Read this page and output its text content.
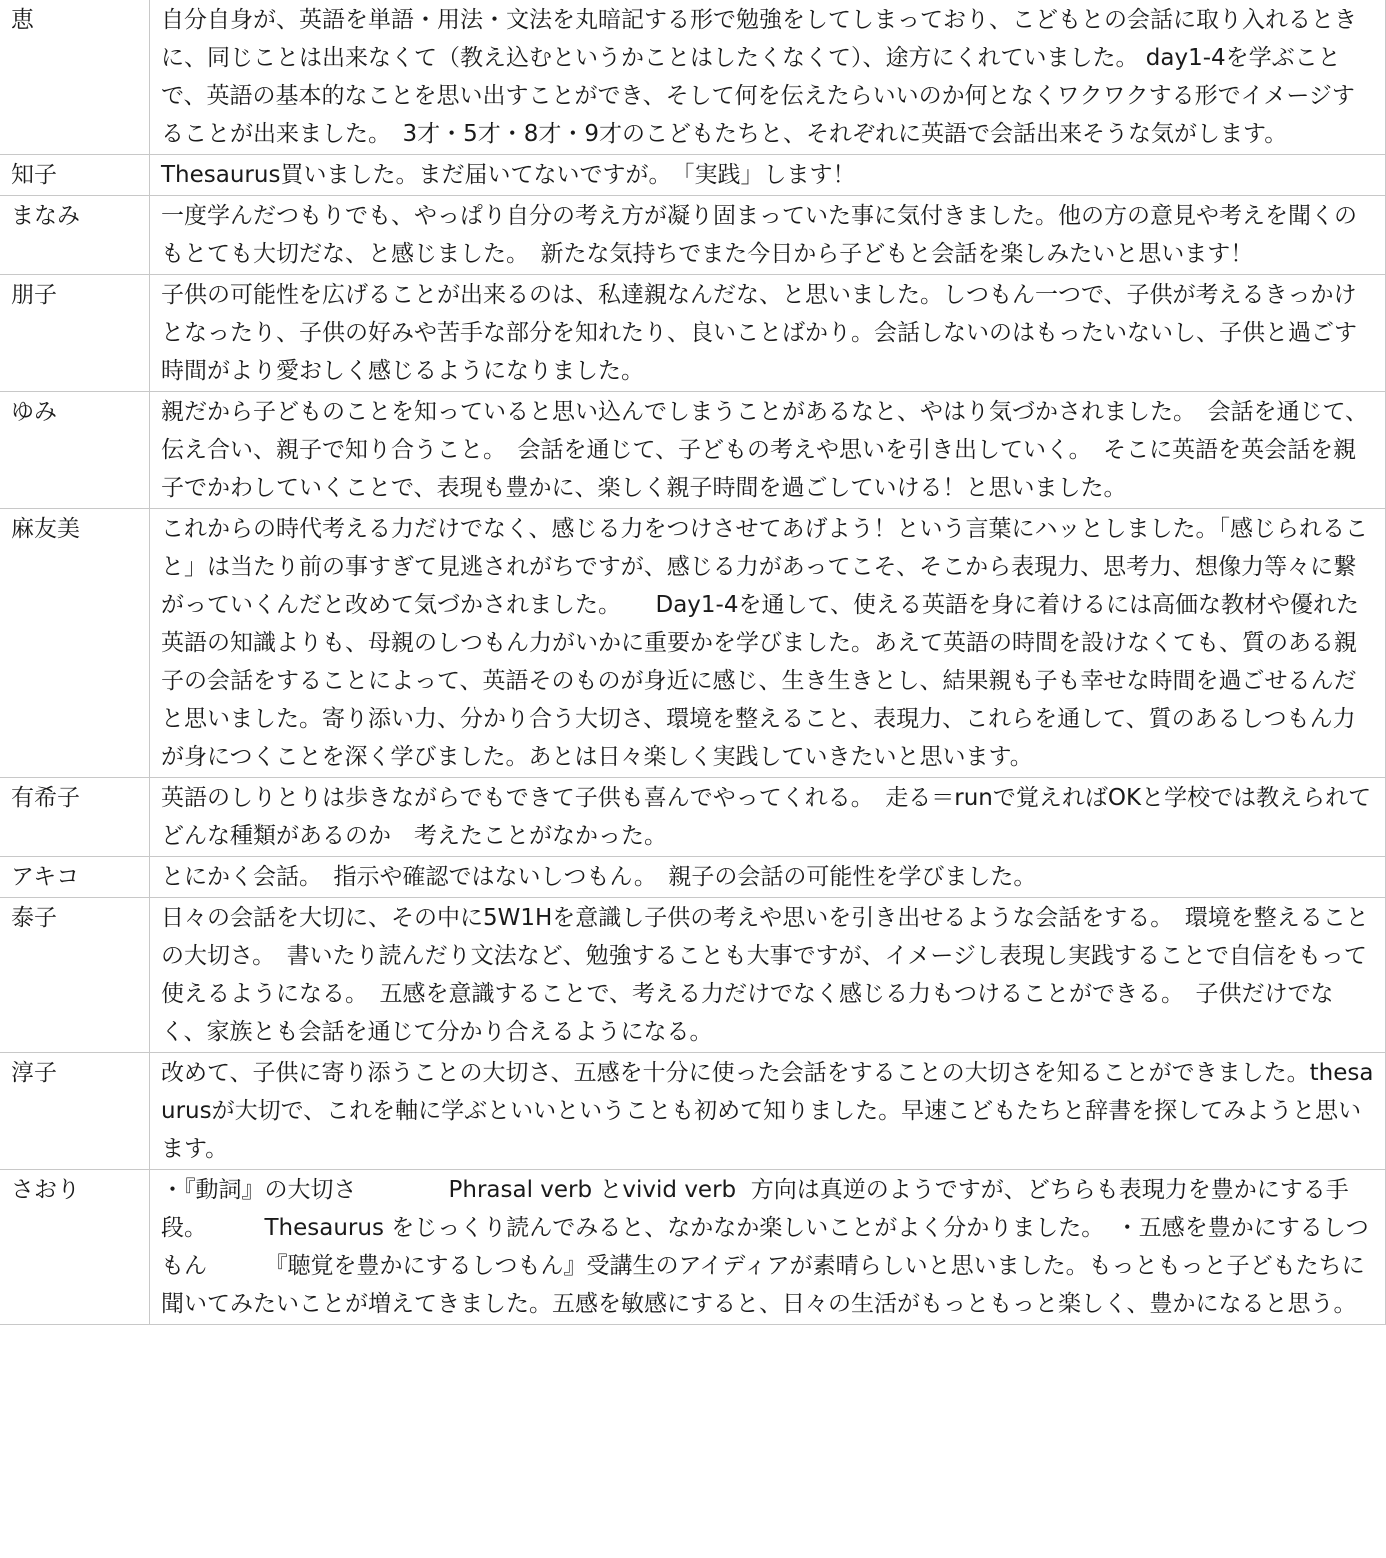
恵	自分自身が、英語を単語・用法・文法を丸暗記する形で勉強をしてしまっており、こどもとの会話に取り入れるときに、同じことは出来なくて（教え込むというかことはしたくなくて）、途方にくれていました。 day1-4を学ぶことで、英語の基本的なことを思い出すことができ、そして何を伝えたらいいのか何となくワクワクする形でイメージすることが出来ました。　3才・5才・8才・9才のこどもたちと、それぞれに英語で会話出来そうな気がします。
知子	Thesaurus買いました。まだ届いてないですが。　「実践」します！
まなみ	一度学んだつもりでも、やっぱり自分の考え方が凝り固まっていた事に気付きました。他の方の意見や考えを聞くのもとても大切だな、と感じました。　新たな気持ちでまた今日から子どもと会話を楽しみたいと思います！
朋子	子供の可能性を広げることが出来るのは、私達親なんだな、と思いました。しつもん一つで、子供が考えるきっかけとなったり、子供の好みや苦手な部分を知れたり、良いことばかり。会話しないのはもったいないし、子供と過ごす時間がより愛おしく感じるようになりました。
ゆみ	親だから子どものことを知っていると思い込んでしまうことがあるなと、やはり気づかされました。　会話を通じて、伝え合い、親子で知り合うこと。　会話を通じて、子どもの考えや思いを引き出していく。　そこに英語を英会話を親子でかわしていくことで、表現も豊かに、楽しく親子時間を過ごしていける！と思いました。
麻友美	これからの時代考える力だけでなく、感じる力をつけさせてあげよう！という言葉にハッとしました。「感じられること」は当たり前の事すぎて見逃されがちですが、感じる力があってこそ、そこから表現力、思考力、想像力等々に繋がっていくんだと改めて気づかされました。　　Day1-4を通して、使える英語を身に着けるには高価な教材や優れた英語の知識よりも、母親のしつもん力がいかに重要かを学びました。あえて英語の時間を設けなくても、質のある親子の会話をすることによって、英語そのものが身近に感じ、生き生きとし、結果親も子も幸せな時間を過ごせるんだと思いました。寄り添い力、分かり合う大切さ、環境を整えること、表現力、これらを通して、質のあるしつもん力が身につくことを深く学びました。あとは日々楽しく実践していきたいと思います。
有希子	英語のしりとりは歩きながらでもできて子供も喜んでやってくれる。　走る＝runで覚えればOKと学校では教えられてどんな種類があるのか　考えたことがなかった。
アキコ	とにかく会話。　指示や確認ではないしつもん。　親子の会話の可能性を学びました。
泰子	日々の会話を大切に、その中に5W1Hを意識し子供の考えや思いを引き出せるような会話をする。　環境を整えることの大切さ。　書いたり読んだり文法など、勉強することも大事ですが、イメージし表現し実践することで自信をもって使えるようになる。　五感を意識することで、考える力だけでなく感じる力もつけることができる。　子供だけでなく、家族とも会話を通じて分かり合えるようになる。
淳子	改めて、子供に寄り添うことの大切さ、五感を十分に使った会話をすることの大切さを知ることができました。thesaurusが大切で、これを軸に学ぶといいということも初めて知りました。早速こどもたちと辞書を探してみようと思います。
さおり	・『動詞』の大切さ　　　　Phrasal verb とvivid verb  方向は真逆のようですが、どちらも表現力を豊かにする手段。　　　Thesaurus をじっくり読んでみると、なかなか楽しいことがよく分かりました。　・五感を豊かにするしつもん　　　『聴覚を豊かにするしつもん』受講生のアイディアが素晴らしいと思いました。もっともっと子どもたちに聞いてみたいことが増えてきました。五感を敏感にすると、日々の生活がもっともっと楽しく、豊かになると思う。
